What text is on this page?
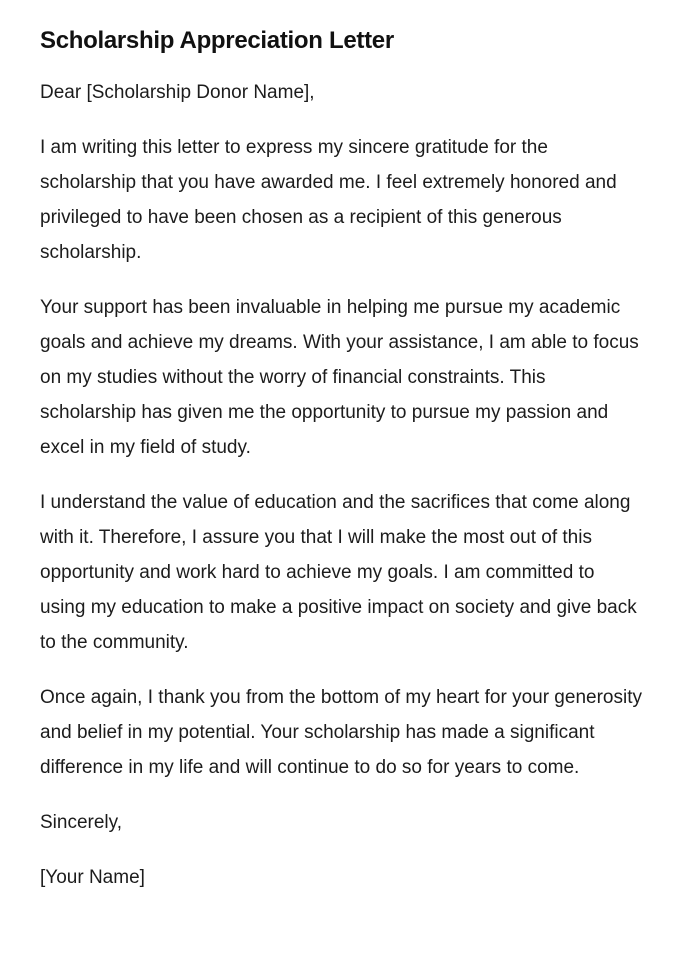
Scholarship Appreciation Letter

Dear [Scholarship Donor Name],

I am writing this letter to express my sincere gratitude for the scholarship that you have awarded me. I feel extremely honored and privileged to have been chosen as a recipient of this generous scholarship.

Your support has been invaluable in helping me pursue my academic goals and achieve my dreams. With your assistance, I am able to focus on my studies without the worry of financial constraints. This scholarship has given me the opportunity to pursue my passion and excel in my field of study.

I understand the value of education and the sacrifices that come along with it. Therefore, I assure you that I will make the most out of this opportunity and work hard to achieve my goals. I am committed to using my education to make a positive impact on society and give back to the community.

Once again, I thank you from the bottom of my heart for your generosity and belief in my potential. Your scholarship has made a significant difference in my life and will continue to do so for years to come.

Sincerely,

[Your Name]
